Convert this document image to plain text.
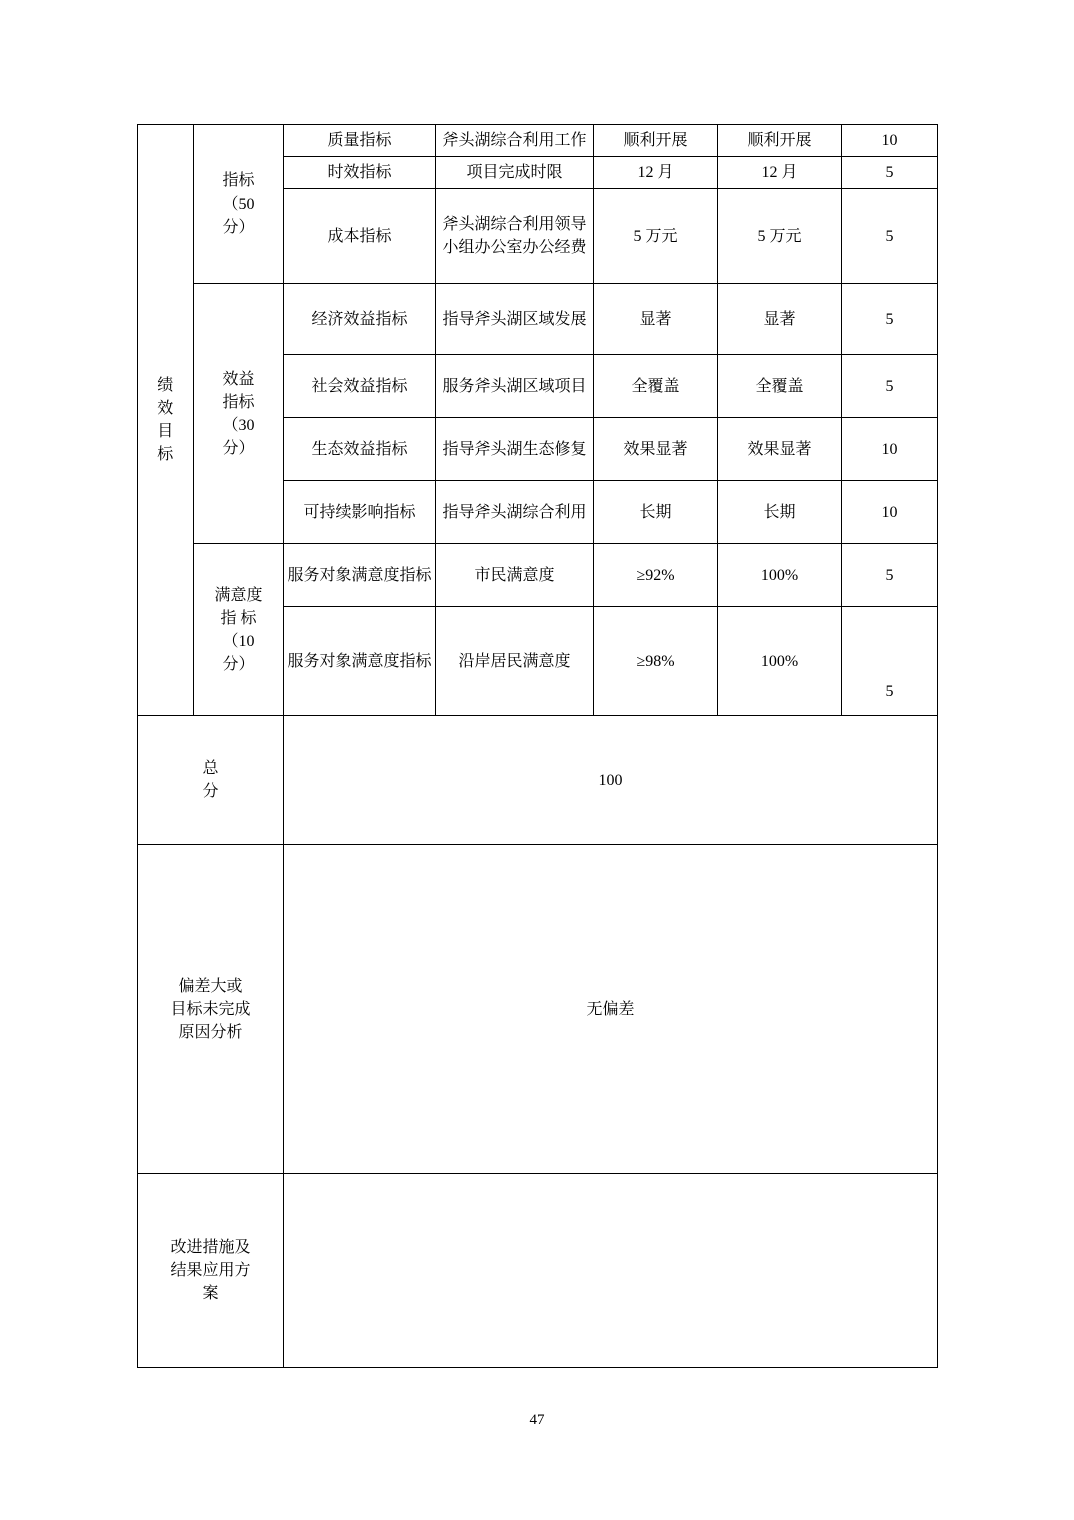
绩
效
目
标	指标
（50
分）	质量指标	斧头湖综合利用工作	顺利开展	顺利开展	10
		时效指标	项目完成时限	12 月	12 月	5
		成本指标	斧头湖综合利用领导小组办公室办公经费	5 万元	5 万元	5

	效益
指标
（30
分）	经济效益指标	指导斧头湖区域发展	显著	显著	5
		社会效益指标	服务斧头湖区域项目	全覆盖	全覆盖	5
		生态效益指标	指导斧头湖生态修复	效果显著	效果显著	10
		可持续影响指标	指导斧头湖综合利用	长期	长期	10

	满意度
指 标
（10
分）	服务对象满意度指标	市民满意度	≥92%	100%	5
		服务对象满意度指标	沿岸居民满意度	≥98%	100%	5

总
分		100				

偏差大或
目标未完成
原因分析		无偏差				

改进措施及
结果应用方
案						

47
